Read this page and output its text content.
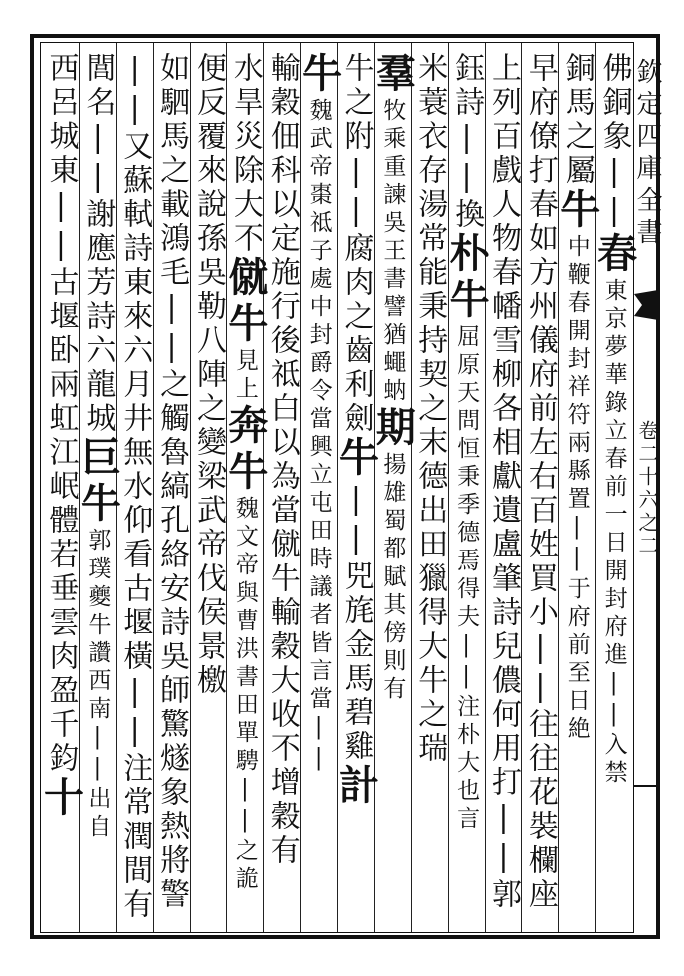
佛銅象||春東京夢華錄立春前一日開封府進||入禁
銅馬之屬牛中鞭春開封祥符兩縣置||于府前至日絶
早府僚打春如方州儀府前左右百姓買小||往往花裝欄座
上列百戲人物春幡雪柳各相獻遺盧肇詩兒儂何用打||郭
鈺詩||換朴牛屈原天問恒秉季德焉得夫||注朴大也言
米蓑衣存湯常能秉持契之末德出田獵得大牛之瑞
羣牧乘重諫吳王書譬猶蠅蚋期揚雄蜀都賦其傍則有
牛之附||腐肉之齒利劍牛||兕旄金馬碧雞計
牛魏武帝棗祗子處中封爵令當興立屯田時議者皆言當||
輸穀佃科以定施行後祗白以為當僦牛輸穀大收不增穀有
水旱災除大不僦牛見上奔牛魏文帝與曹洪書田單騁||之詭
便反覆來說孫吳勒八陣之變梁武帝伐侯景檄
如駟馬之載鴻毛||之觸魯縞孔絡安詩吳師驚燧象熱將警
||又蘇軾詩東來六月井無水仰看古堰橫||注常潤間有
閭名||謝應芳詩六龍城巨牛郭璞夔牛讚西南||出自
西呂城東||古堰卧兩虹江岷體若垂雲肉盈千鈞十
欽定四庫全書
卷二十六之二
